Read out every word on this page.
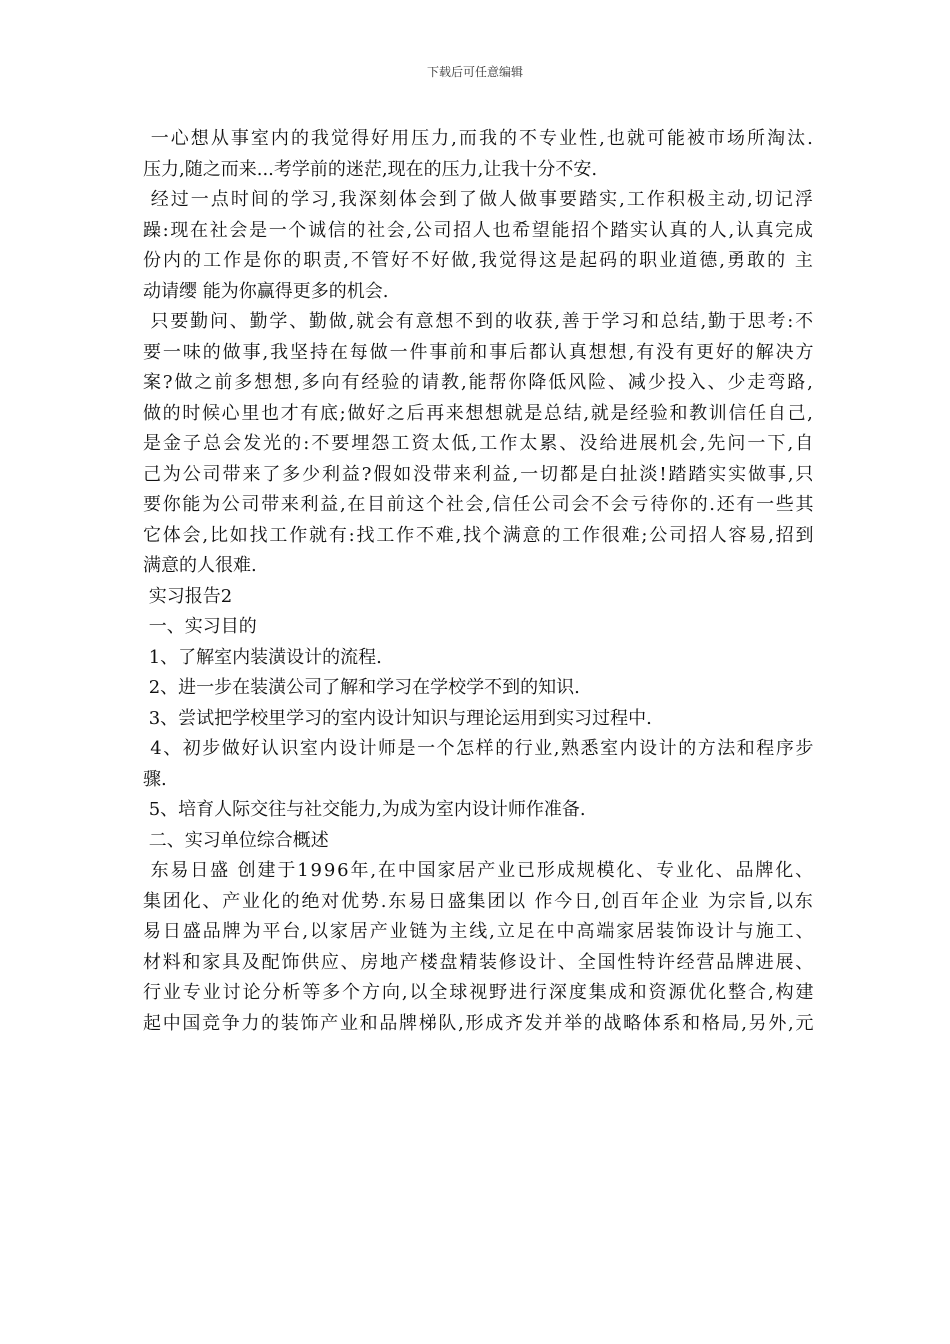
下载后可任意编辑
一心想从事室内的我觉得好用压力,而我的不专业性,也就可能被市场所淘汰.
压力,随之而来...考学前的迷茫,现在的压力,让我十分不安.
经过一点时间的学习,我深刻体会到了做人做事要踏实,工作积极主动,切记浮
躁:现在社会是一个诚信的社会,公司招人也希望能招个踏实认真的人,认真完成
份内的工作是你的职责,不管好不好做,我觉得这是起码的职业道德,勇敢的 主
动请缨 能为你赢得更多的机会.
只要勤问、勤学、勤做,就会有意想不到的收获,善于学习和总结,勤于思考:不
要一味的做事,我坚持在每做一件事前和事后都认真想想,有没有更好的解决方
案?做之前多想想,多向有经验的请教,能帮你降低风险、减少投入、少走弯路,
做的时候心里也才有底;做好之后再来想想就是总结,就是经验和教训信任自己,
是金子总会发光的:不要埋怨工资太低,工作太累、没给进展机会,先问一下,自
己为公司带来了多少利益?假如没带来利益,一切都是白扯淡!踏踏实实做事,只
要你能为公司带来利益,在目前这个社会,信任公司会不会亏待你的.还有一些其
它体会,比如找工作就有:找工作不难,找个满意的工作很难;公司招人容易,招到
满意的人很难.
实习报告2
一、实习目的
1、了解室内装潢设计的流程.
2、进一步在装潢公司了解和学习在学校学不到的知识.
3、尝试把学校里学习的室内设计知识与理论运用到实习过程中.
4、初步做好认识室内设计师是一个怎样的行业,熟悉室内设计的方法和程序步
骤.
5、培育人际交往与社交能力,为成为室内设计师作准备.
二、实习单位综合概述
东易日盛 创建于1996年,在中国家居产业已形成规模化、专业化、品牌化、
集团化、产业化的绝对优势.东易日盛集团以 作今日,创百年企业 为宗旨,以东
易日盛品牌为平台,以家居产业链为主线,立足在中高端家居装饰设计与施工、
材料和家具及配饰供应、房地产楼盘精装修设计、全国性特许经营品牌进展、
行业专业讨论分析等多个方向,以全球视野进行深度集成和资源优化整合,构建
起中国竞争力的装饰产业和品牌梯队,形成齐发并举的战略体系和格局,另外,元
